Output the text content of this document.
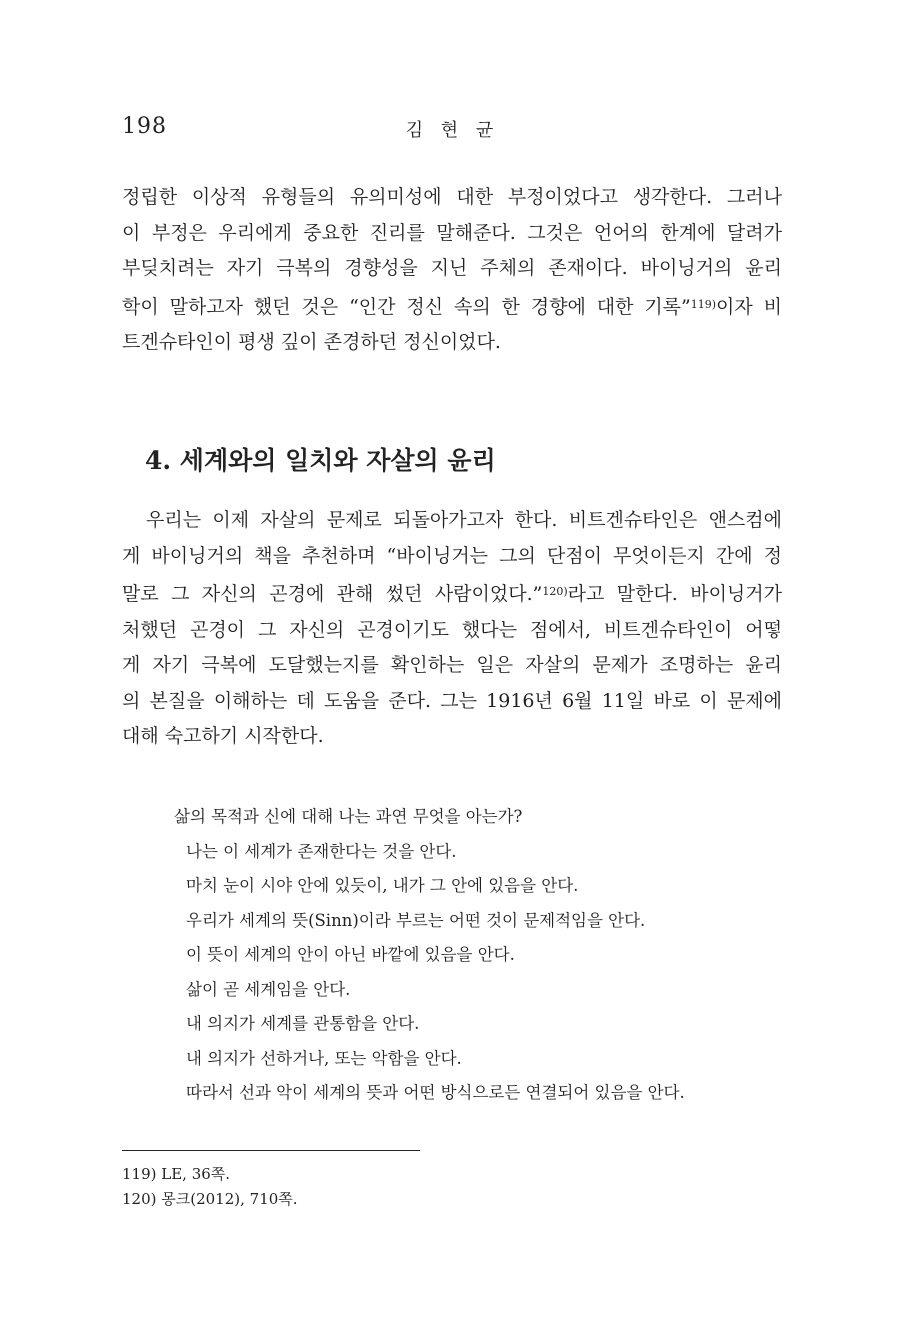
198	김 현 균
정립한 이상적 유형들의 유의미성에 대한 부정이었다고 생각한다. 그러나
이 부정은 우리에게 중요한 진리를 말해준다. 그것은 언어의 한계에 달려가
부딪치려는 자기 극복의 경향성을 지닌 주체의 존재이다. 바이닝거의 윤리
학이 말하고자 했던 것은 “인간 정신 속의 한 경향에 대한 기록”$^{119)}$이자 비
트겐슈타인이 평생 깊이 존경하던 정신이었다.
4. 세계와의 일치와 자살의 윤리
우리는 이제 자살의 문제로 되돌아가고자 한다. 비트겐슈타인은 앤스컴에
게 바이닝거의 책을 추천하며 “바이닝거는 그의 단점이 무엇이든지 간에 정
말로 그 자신의 곤경에 관해 썼던 사람이었다.”$^{120)}$라고 말한다. 바이닝거가
처했던 곤경이 그 자신의 곤경이기도 했다는 점에서, 비트겐슈타인이 어떻
게 자기 극복에 도달했는지를 확인하는 일은 자살의 문제가 조명하는 윤리
의 본질을 이해하는 데 도움을 준다. 그는 1916년 6월 11일 바로 이 문제에
대해 숙고하기 시작한다.
삶의 목적과 신에 대해 나는 과연 무엇을 아는가?
나는 이 세계가 존재한다는 것을 안다.
마치 눈이 시야 안에 있듯이, 내가 그 안에 있음을 안다.
우리가 세계의 뜻(Sinn)이라 부르는 어떤 것이 문제적임을 안다.
이 뜻이 세계의 안이 아닌 바깥에 있음을 안다.
삶이 곧 세계임을 안다.
내 의지가 세계를 관통함을 안다.
내 의지가 선하거나, 또는 악함을 안다.
따라서 선과 악이 세계의 뜻과 어떤 방식으로든 연결되어 있음을 안다.
119) LE, 36쪽.
120) 몽크(2012), 710쪽.
